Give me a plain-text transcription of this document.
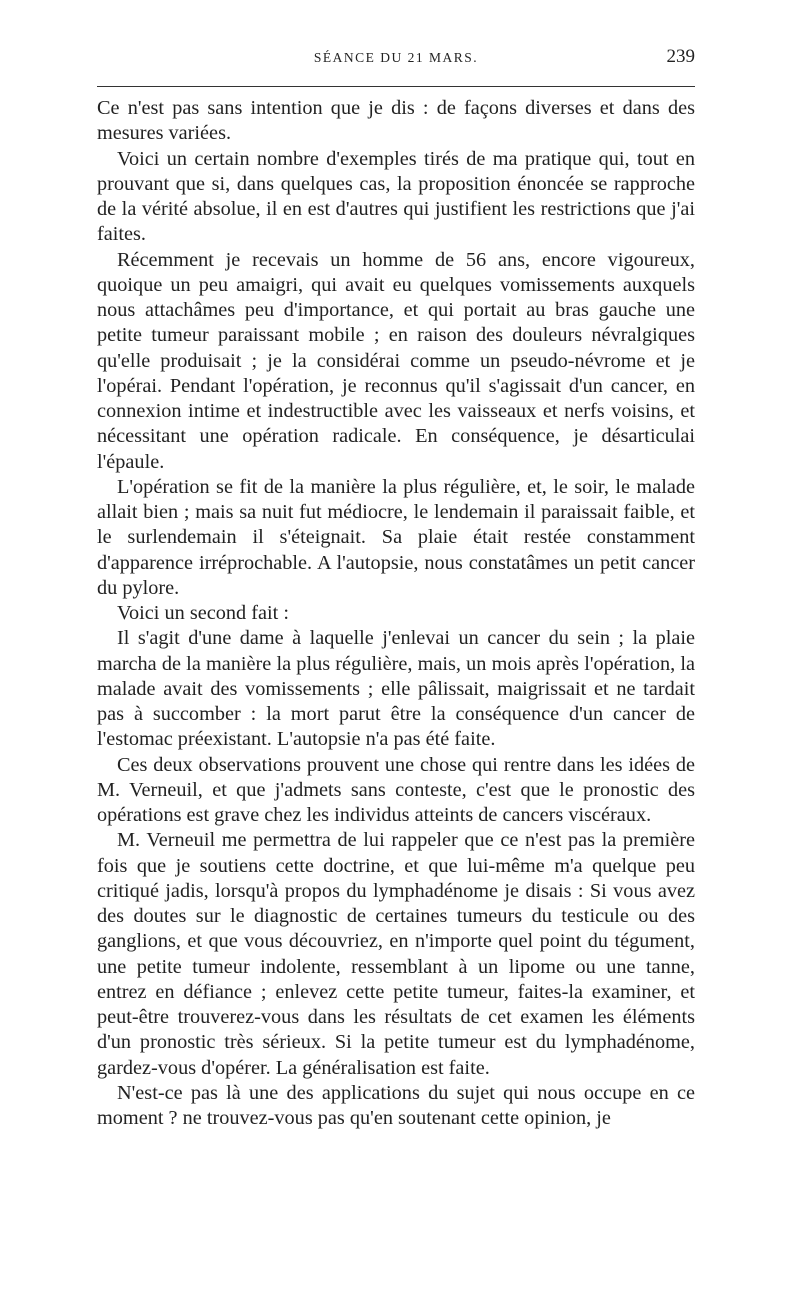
SÉANCE DU 21 MARS.	239

Ce n'est pas sans intention que je dis : de façons diverses et dans des mesures variées.

Voici un certain nombre d'exemples tirés de ma pratique qui, tout en prouvant que si, dans quelques cas, la proposition énoncée se rapproche de la vérité absolue, il en est d'autres qui justifient les restrictions que j'ai faites.

Récemment je recevais un homme de 56 ans, encore vigoureux, quoique un peu amaigri, qui avait eu quelques vomissements auxquels nous attachâmes peu d'importance, et qui portait au bras gauche une petite tumeur paraissant mobile ; en raison des douleurs névralgiques qu'elle produisait ; je la considérai comme un pseudo-névrome et je l'opérai. Pendant l'opération, je reconnus qu'il s'agissait d'un cancer, en connexion intime et indestructible avec les vaisseaux et nerfs voisins, et nécessitant une opération radicale. En conséquence, je désarticulai l'épaule.

L'opération se fit de la manière la plus régulière, et, le soir, le malade allait bien ; mais sa nuit fut médiocre, le lendemain il paraissait faible, et le surlendemain il s'éteignait. Sa plaie était restée constamment d'apparence irréprochable. A l'autopsie, nous constatâmes un petit cancer du pylore.

Voici un second fait :

Il s'agit d'une dame à laquelle j'enlevai un cancer du sein ; la plaie marcha de la manière la plus régulière, mais, un mois après l'opération, la malade avait des vomissements ; elle pâlissait, maigrissait et ne tardait pas à succomber : la mort parut être la conséquence d'un cancer de l'estomac préexistant. L'autopsie n'a pas été faite.

Ces deux observations prouvent une chose qui rentre dans les idées de M. Verneuil, et que j'admets sans conteste, c'est que le pronostic des opérations est grave chez les individus atteints de cancers viscéraux.

M. Verneuil me permettra de lui rappeler que ce n'est pas la première fois que je soutiens cette doctrine, et que lui-même m'a quelque peu critiqué jadis, lorsqu'à propos du lymphadénome je disais : Si vous avez des doutes sur le diagnostic de certaines tumeurs du testicule ou des ganglions, et que vous découvriez, en n'importe quel point du tégument, une petite tumeur indolente, ressemblant à un lipome ou une tanne, entrez en défiance ; enlevez cette petite tumeur, faites-la examiner, et peut-être trouverez-vous dans les résultats de cet examen les éléments d'un pronostic très sérieux. Si la petite tumeur est du lymphadénome, gardez-vous d'opérer. La généralisation est faite.

N'est-ce pas là une des applications du sujet qui nous occupe en ce moment ? ne trouvez-vous pas qu'en soutenant cette opinion, je
